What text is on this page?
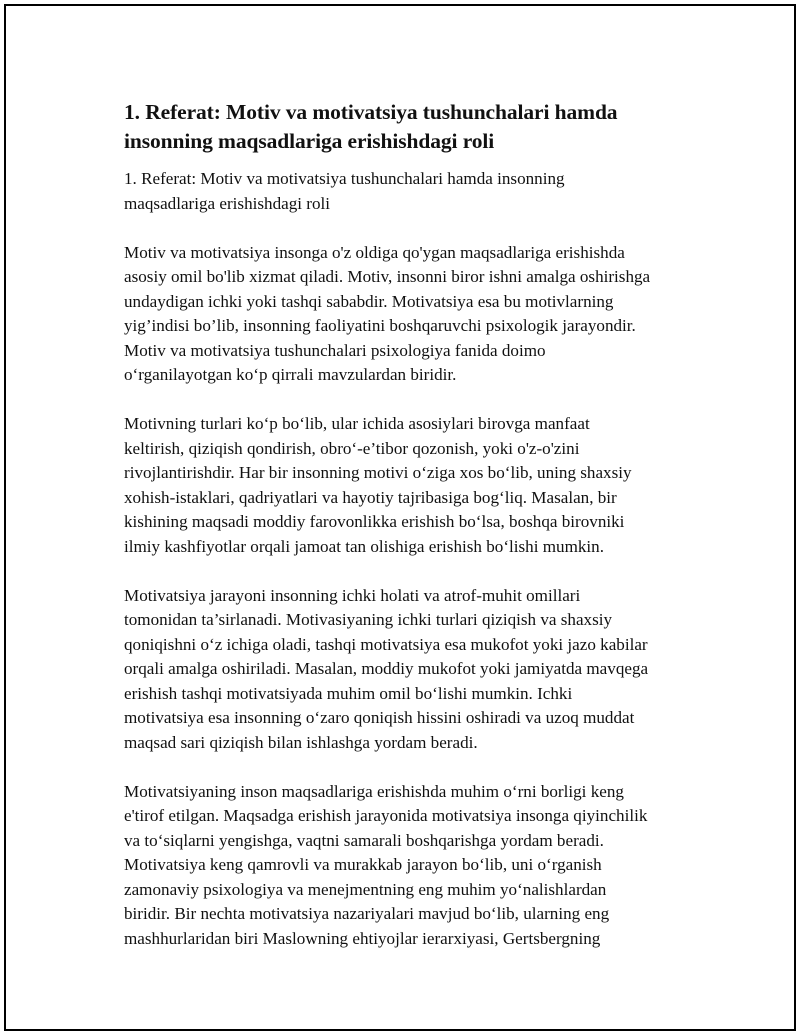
1. Referat: Motiv va motivatsiya tushunchalari hamda
insonning maqsadlariga erishishdagi roli

1. Referat: Motiv va motivatsiya tushunchalari hamda insonning
maqsadlariga erishishdagi roli

Motiv va motivatsiya insonga o'z oldiga qo'ygan maqsadlariga erishishda
asosiy omil bo'lib xizmat qiladi. Motiv, insonni biror ishni amalga oshirishga
undaydigan ichki yoki tashqi sababdir. Motivatsiya esa bu motivlarning
yig’indisi bo’lib, insonning faoliyatini boshqaruvchi psixologik jarayondir.
Motiv va motivatsiya tushunchalari psixologiya fanida doimo
o‘rganilayotgan ko‘p qirrali mavzulardan biridir.

Motivning turlari ko‘p bo‘lib, ular ichida asosiylari birovga manfaat
keltirish, qiziqish qondirish, obro‘-e’tibor qozonish, yoki o'z-o'zini
rivojlantirishdir. Har bir insonning motivi o‘ziga xos bo‘lib, uning shaxsiy
xohish-istaklari, qadriyatlari va hayotiy tajribasiga bog‘liq. Masalan, bir
kishining maqsadi moddiy farovonlikka erishish bo‘lsa, boshqa birovniki
ilmiy kashfiyotlar orqali jamoat tan olishiga erishish bo‘lishi mumkin.

Motivatsiya jarayoni insonning ichki holati va atrof-muhit omillari
tomonidan ta’sirlanadi. Motivasiyaning ichki turlari qiziqish va shaxsiy
qoniqishni o‘z ichiga oladi, tashqi motivatsiya esa mukofot yoki jazo kabilar
orqali amalga oshiriladi. Masalan, moddiy mukofot yoki jamiyatda mavqega
erishish tashqi motivatsiyada muhim omil bo‘lishi mumkin. Ichki
motivatsiya esa insonning o‘zaro qoniqish hissini oshiradi va uzoq muddat
maqsad sari qiziqish bilan ishlashga yordam beradi.

Motivatsiyaning inson maqsadlariga erishishda muhim o‘rni borligi keng
e'tirof etilgan. Maqsadga erishish jarayonida motivatsiya insonga qiyinchilik
va to‘siqlarni yengishga, vaqtni samarali boshqarishga yordam beradi.
Motivatsiya keng qamrovli va murakkab jarayon bo‘lib, uni o‘rganish
zamonaviy psixologiya va menejmentning eng muhim yo‘nalishlardan
biridir. Bir nechta motivatsiya nazariyalari mavjud bo‘lib, ularning eng
mashhurlaridan biri Maslowning ehtiyojlar ierarxiyasi, Gertsbergning
